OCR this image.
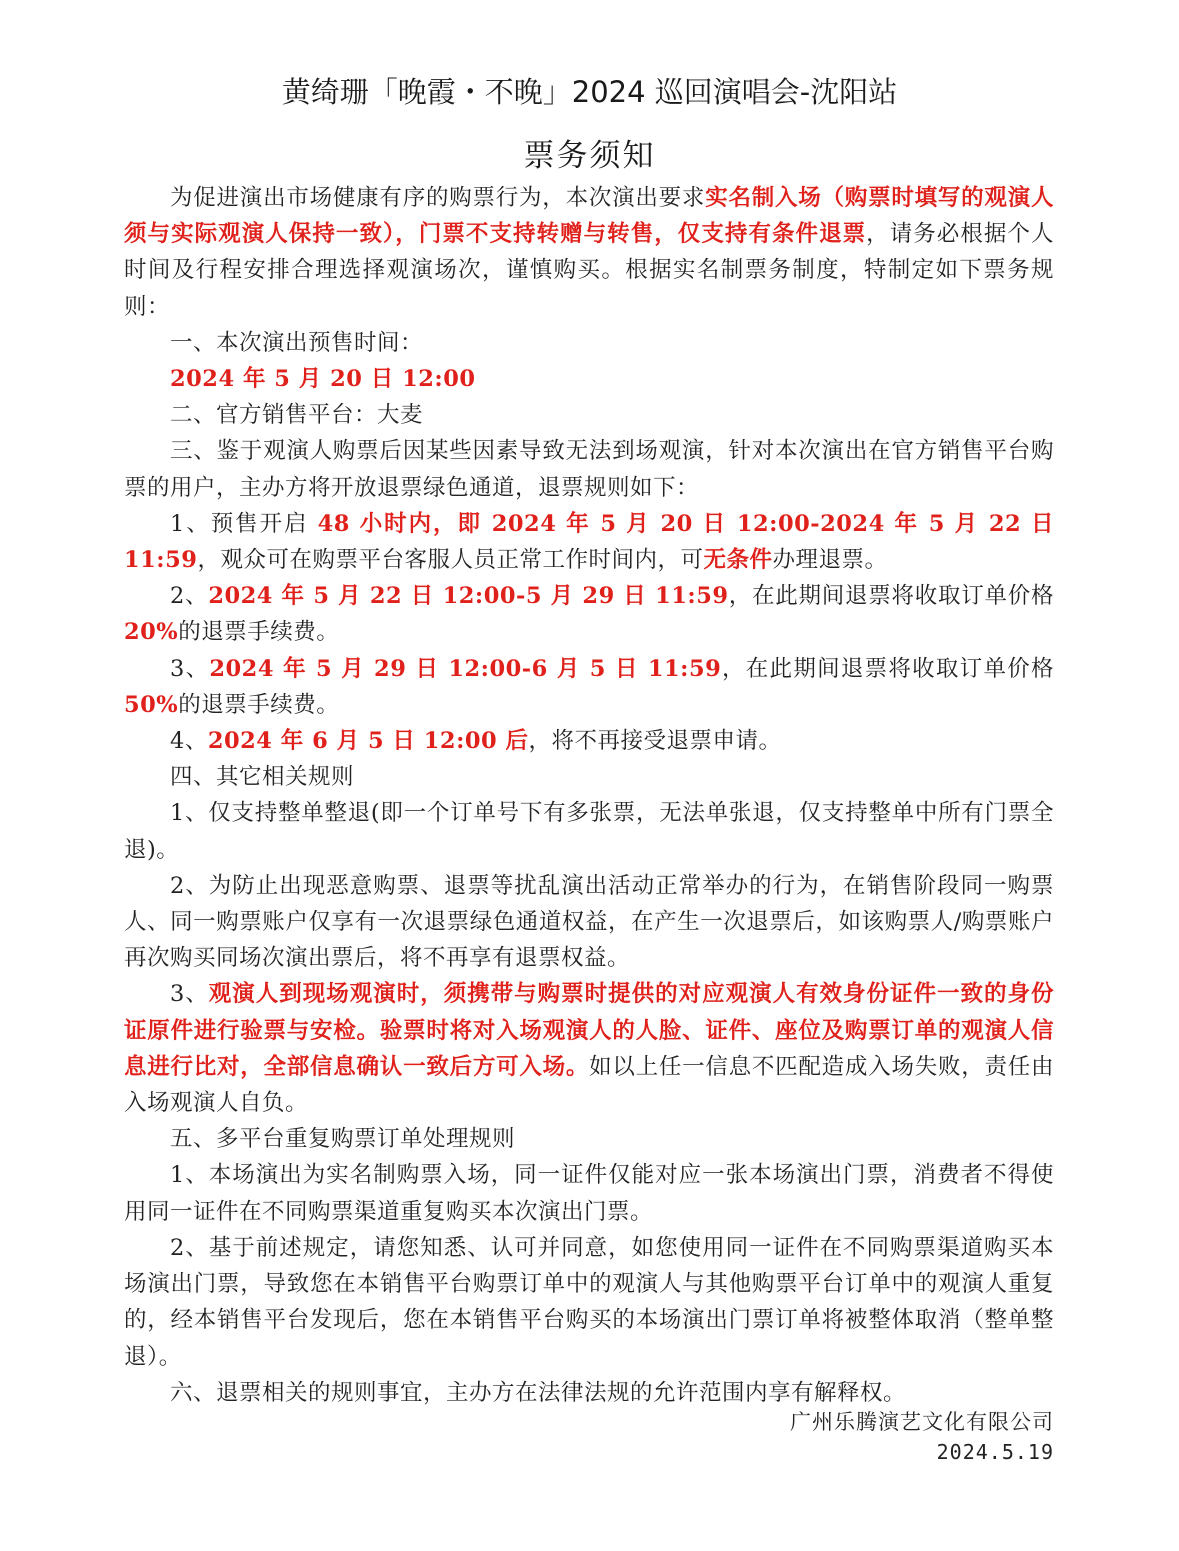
黄绮珊「晚霞・不晚」2024 巡回演唱会-沈阳站
票务须知

为促进演出市场健康有序的购票行为，本次演出要求实名制入场（购票时填写的观演人须与实际观演人保持一致），门票不支持转赠与转售，仅支持有条件退票，请务必根据个人时间及行程安排合理选择观演场次，谨慎购买。根据实名制票务制度，特制定如下票务规则：

一、本次演出预售时间：

2024 年 5 月 20 日 12:00

二、官方销售平台：大麦

三、鉴于观演人购票后因某些因素导致无法到场观演，针对本次演出在官方销售平台购票的用户，主办方将开放退票绿色通道，退票规则如下：

1、预售开启 48 小时内，即 2024 年 5 月 20 日 12:00-2024 年 5 月 22 日 11:59，观众可在购票平台客服人员正常工作时间内，可无条件办理退票。

2、2024 年 5 月 22 日 12:00-5 月 29 日 11:59，在此期间退票将收取订单价格 20%的退票手续费。

3、2024 年 5 月 29 日 12:00-6 月 5 日 11:59，在此期间退票将收取订单价格 50%的退票手续费。

4、2024 年 6 月 5 日 12:00 后，将不再接受退票申请。

四、其它相关规则

1、仅支持整单整退(即一个订单号下有多张票，无法单张退，仅支持整单中所有门票全退)。

2、为防止出现恶意购票、退票等扰乱演出活动正常举办的行为，在销售阶段同一购票人、同一购票账户仅享有一次退票绿色通道权益，在产生一次退票后，如该购票人/购票账户再次购买同场次演出票后，将不再享有退票权益。

3、观演人到现场观演时，须携带与购票时提供的对应观演人有效身份证件一致的身份证原件进行验票与安检。验票时将对入场观演人的人脸、证件、座位及购票订单的观演人信息进行比对，全部信息确认一致后方可入场。如以上任一信息不匹配造成入场失败，责任由入场观演人自负。

五、多平台重复购票订单处理规则

1、本场演出为实名制购票入场，同一证件仅能对应一张本场演出门票，消费者不得使用同一证件在不同购票渠道重复购买本次演出门票。

2、基于前述规定，请您知悉、认可并同意，如您使用同一证件在不同购票渠道购买本场演出门票，导致您在本销售平台购票订单中的观演人与其他购票平台订单中的观演人重复的，经本销售平台发现后，您在本销售平台购买的本场演出门票订单将被整体取消（整单整退）。

六、退票相关的规则事宜，主办方在法律法规的允许范围内享有解释权。

广州乐腾演艺文化有限公司
2024.5.19
